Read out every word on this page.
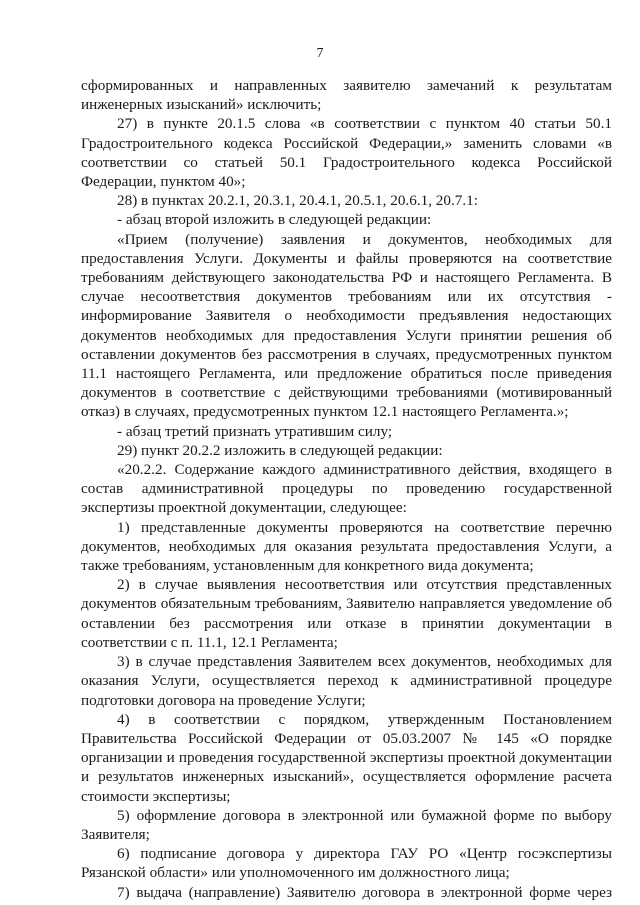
7

сформированных и направленных заявителю замечаний к результатам инженерных изысканий» исключить;

27) в пункте 20.1.5 слова «в соответствии с пунктом 40 статьи 50.1 Градостроительного кодекса Российской Федерации,» заменить словами «в соответствии со статьей 50.1 Градостроительного кодекса Российской Федерации, пунктом 40»;

28) в пунктах 20.2.1, 20.3.1, 20.4.1, 20.5.1, 20.6.1, 20.7.1:

- абзац второй изложить в следующей редакции:

«Прием (получение) заявления и документов, необходимых для предоставления Услуги. Документы и файлы проверяются на соответствие требованиям действующего законодательства РФ и настоящего Регламента. В случае несоответствия документов требованиям или их отсутствия - информирование Заявителя о необходимости предъявления недостающих документов необходимых для предоставления Услуги принятии решения об оставлении документов без рассмотрения в случаях, предусмотренных пунктом 11.1 настоящего Регламента, или предложение обратиться после приведения документов в соответствие с действующими требованиями (мотивированный отказ) в случаях, предусмотренных пунктом 12.1 настоящего Регламента.»;

- абзац третий признать утратившим силу;

29) пункт 20.2.2 изложить в следующей редакции:

«20.2.2. Содержание каждого административного действия, входящего в состав административной процедуры по проведению государственной экспертизы проектной документации, следующее:

1) представленные документы проверяются на соответствие перечню документов, необходимых для оказания результата предоставления Услуги, а также требованиям, установленным для конкретного вида документа;

2) в случае выявления несоответствия или отсутствия представленных документов обязательным требованиям, Заявителю направляется уведомление об оставлении без рассмотрения или отказе в принятии документации в соответствии с п. 11.1, 12.1 Регламента;

3) в случае представления Заявителем всех документов, необходимых для оказания Услуги, осуществляется переход к административной процедуре подготовки договора на проведение Услуги;

4) в соответствии с порядком, утвержденным Постановлением Правительства Российской Федерации от 05.03.2007 № 145 «О порядке организации и проведения государственной экспертизы проектной документации и результатов инженерных изысканий», осуществляется оформление расчета стоимости экспертизы;

5) оформление договора в электронной или бумажной форме по выбору Заявителя;

6) подписание договора у директора ГАУ РО «Центр госэкспертизы Рязанской области» или уполномоченного им должностного лица;

7) выдача (направление) Заявителю договора в электронной форме через
